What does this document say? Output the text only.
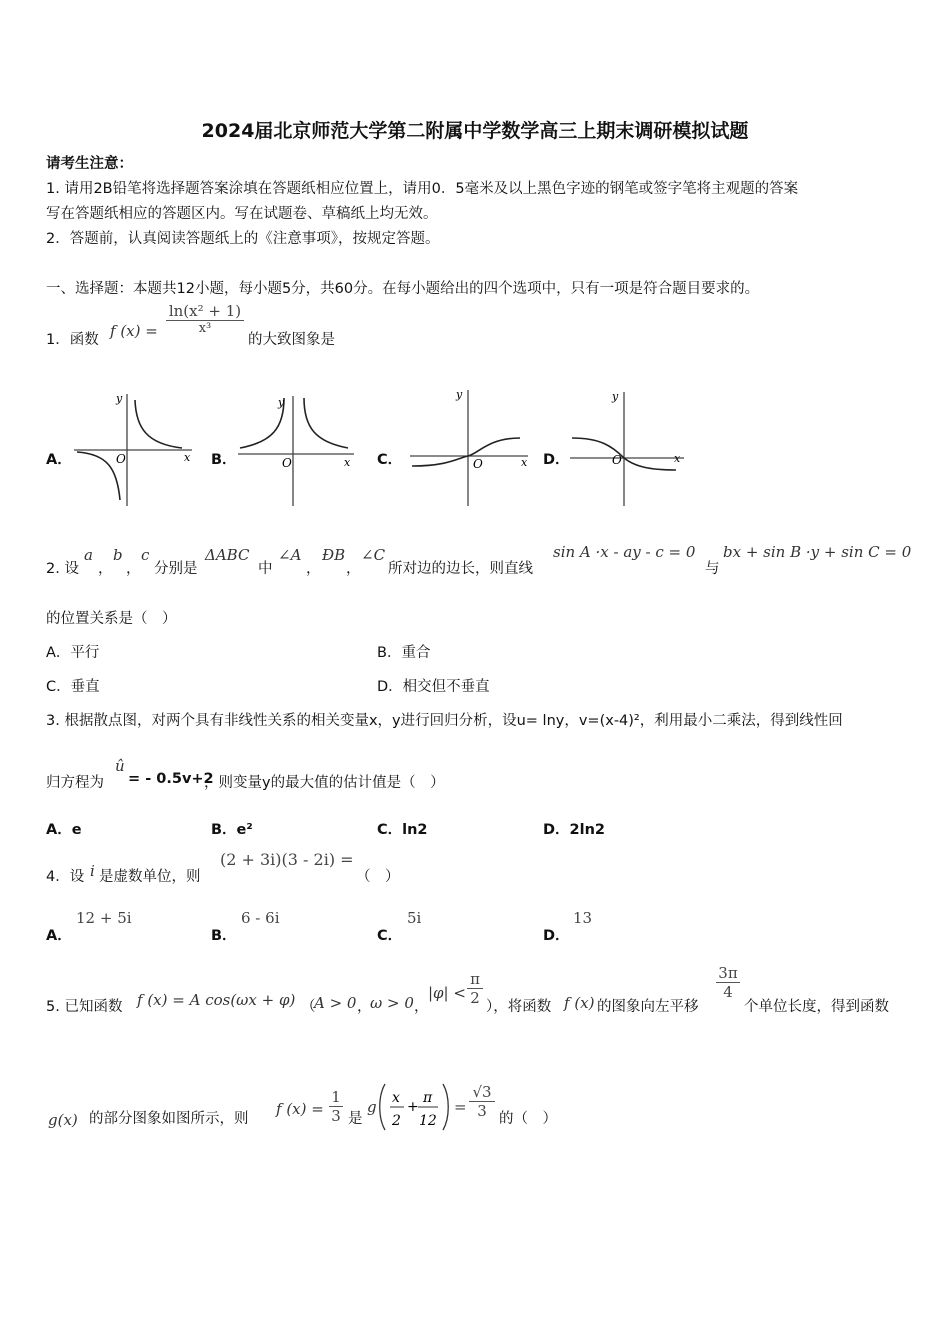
2024届北京师范大学第二附属中学数学高三上期末调研模拟试题
请考生注意：
1. 请用2B铅笔将选择题答案涂填在答题纸相应位置上，请用0．5毫米及以上黑色字迹的钢笔或签字笔将主观题的答案
写在答题纸相应的答题区内。写在试题卷、草稿纸上均无效。
2．答题前，认真阅读答题纸上的《注意事项》，按规定答题。
一、选择题：本题共12小题，每小题5分，共60分。在每小题给出的四个选项中，只有一项是符合题目要求的。
1．函数 f $(x) = \frac{\text{ln(x² + 1)}}{\text{x³}}$
的大致图象是
A．	B．	C．	D．
x
y
O	x
y
O	x
y
O	x
y
O
2. 设
a
，
b
，
c
分别是
ΔABC
中
∠A
，
ÐB
，
∠C
所对边的边长，则直线
sin A ·x - ay - c = 0
与
bx + sin B ·y + sin C = 0
的位置关系是（　）
A．平行	B．重合
C．垂直	D．相交但不垂直
3. 根据散点图，对两个具有非线性关系的相关变量x，y进行回归分析，设u= lny，v=(x-4)²，利用最小二乘法，得到线性回
归方程为
û
= - 0.5v+2
，则变量y的最大值的估计值是（　）
A．e	B．e²	C．ln2	D．2ln2
4．设 i 是虚数单位，则
(2 + 3i)(3 - 2i) =
（　）
A．
12 + 5i
B．
6 - 6i
C．
5i
D．
13
5. 已知函数 f (x) = A cos(ωx + φ) （
A > 0 ，
ω > 0 ，
$|\varphi| < \frac{\pi}{2}$ ），将函数 f (x) 的图象向左平移
$\frac{3\pi}{4}$
个单位长度，得到函数
g(x) 的部分图象如图所示，则
f $(x) = \frac{1}{3}$ 是
g x
2
+
π
12
= $\frac{√3}{3}$ 的（　）
